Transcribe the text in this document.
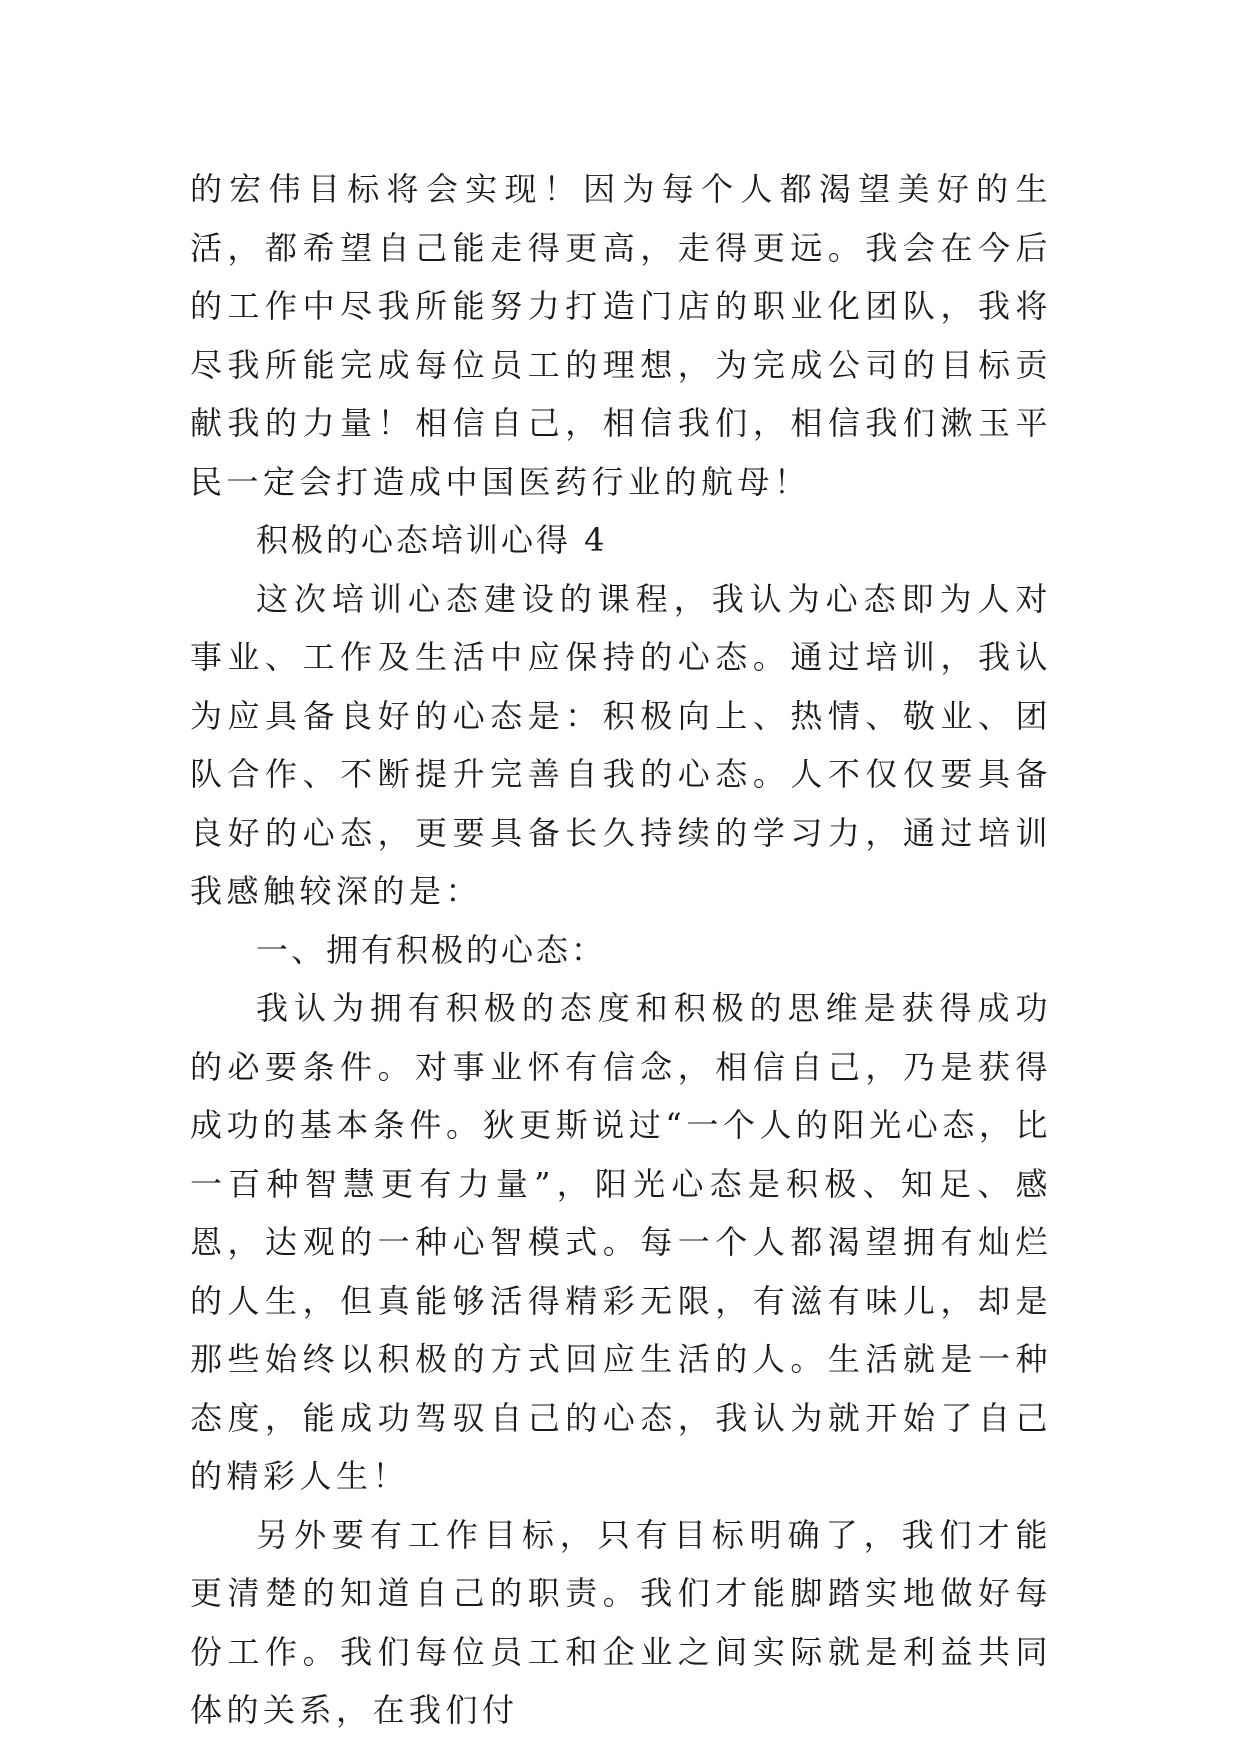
的宏伟目标将会实现！因为每个人都渴望美好的生活，都希望自己能走得更高，走得更远。我会在今后的工作中尽我所能努力打造门店的职业化团队，我将尽我所能完成每位员工的理想，为完成公司的目标贡献我的力量！相信自己，相信我们，相信我们漱玉平民一定会打造成中国医药行业的航母！

积极的心态培训心得 4

这次培训心态建设的课程，我认为心态即为人对事业、工作及生活中应保持的心态。通过培训，我认为应具备良好的心态是：积极向上、热情、敬业、团队合作、不断提升完善自我的心态。人不仅仅要具备良好的心态，更要具备长久持续的学习力，通过培训我感触较深的是：

一、拥有积极的心态：

我认为拥有积极的态度和积极的思维是获得成功的必要条件。对事业怀有信念，相信自己，乃是获得成功的基本条件。狄更斯说过“一个人的阳光心态，比一百种智慧更有力量”，阳光心态是积极、知足、感恩，达观的一种心智模式。每一个人都渴望拥有灿烂的人生，但真能够活得精彩无限，有滋有味儿，却是那些始终以积极的方式回应生活的人。生活就是一种态度，能成功驾驭自己的心态，我认为就开始了自己的精彩人生！

另外要有工作目标，只有目标明确了，我们才能更清楚的知道自己的职责。我们才能脚踏实地做好每份工作。我们每位员工和企业之间实际就是利益共同体的关系，在我们付
